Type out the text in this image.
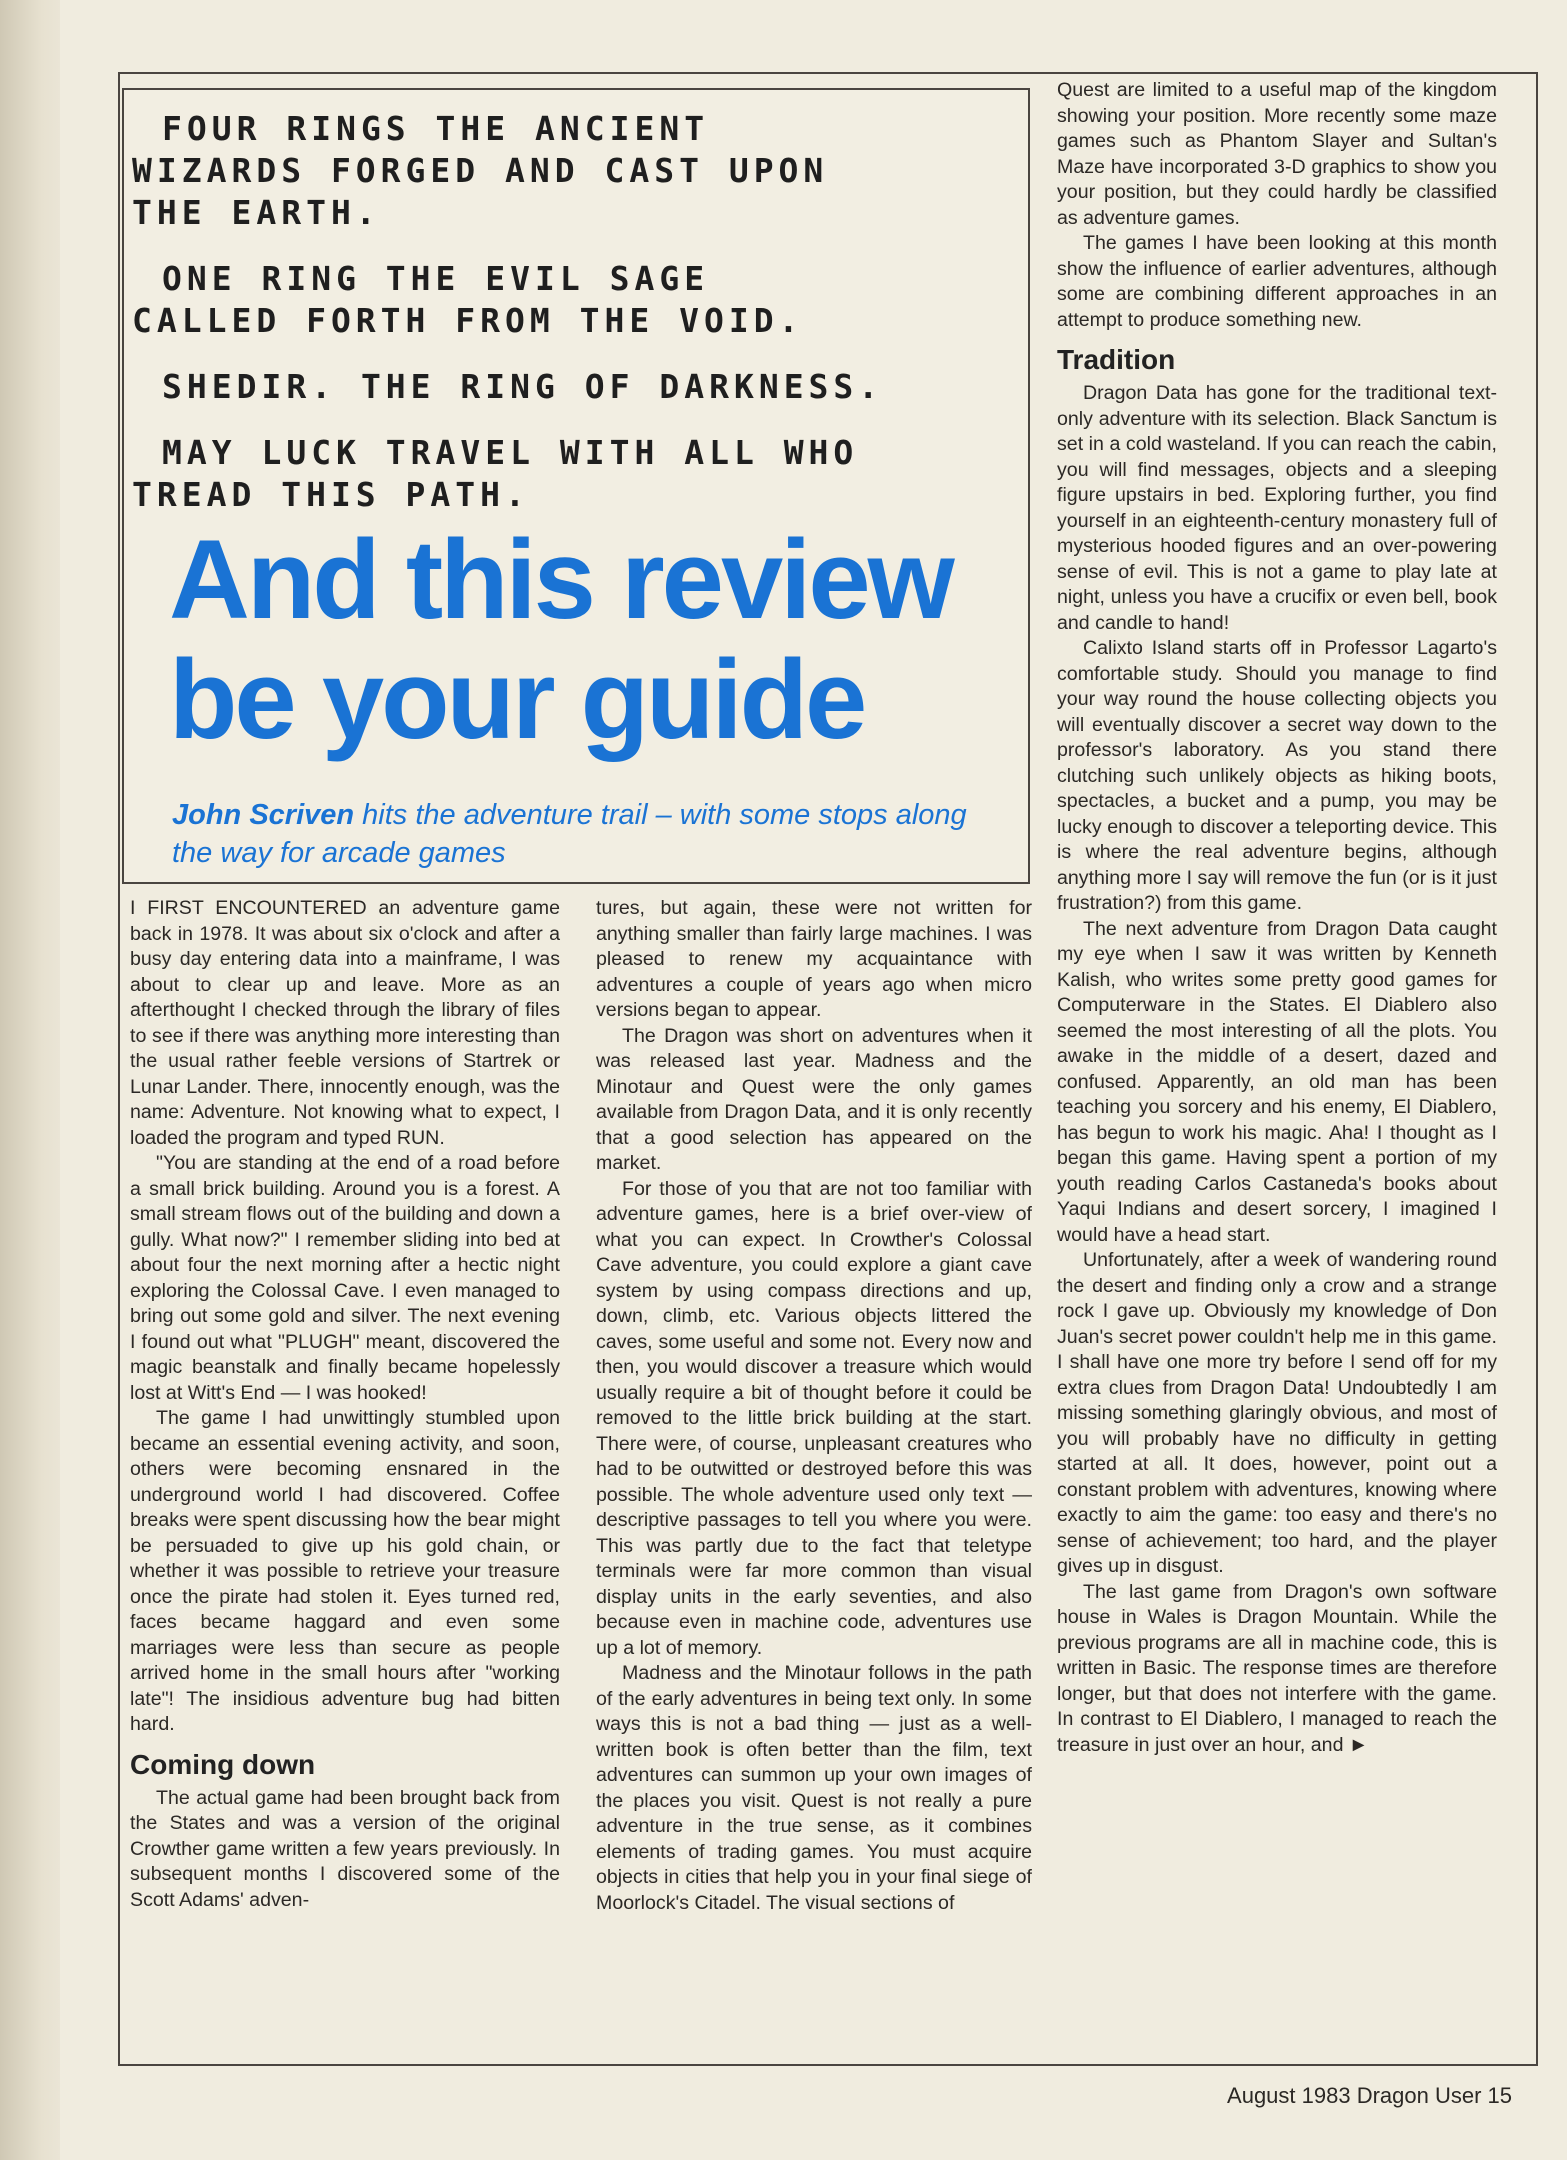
FOUR RINGS THE ANCIENT
WIZARDS FORGED AND CAST UPON
THE EARTH.

ONE RING THE EVIL SAGE
CALLED FORTH FROM THE VOID.

SHEDIR. THE RING OF DARKNESS.

MAY LUCK TRAVEL WITH ALL WHO
TREAD THIS PATH.

And this review be your guide

John Scriven hits the adventure trail – with some stops along the way for arcade games

I FIRST ENCOUNTERED an adventure game back in 1978. It was about six o'clock and after a busy day entering data into a mainframe, I was about to clear up and leave. More as an afterthought I checked through the library of files to see if there was anything more interesting than the usual rather feeble versions of Startrek or Lunar Lander. There, innocently enough, was the name: Adventure. Not knowing what to expect, I loaded the program and typed RUN.

"You are standing at the end of a road before a small brick building. Around you is a forest. A small stream flows out of the building and down a gully. What now?" I remember sliding into bed at about four the next morning after a hectic night exploring the Colossal Cave. I even managed to bring out some gold and silver. The next evening I found out what "PLUGH" meant, discovered the magic beanstalk and finally became hopelessly lost at Witt's End — I was hooked!

The game I had unwittingly stumbled upon became an essential evening activity, and soon, others were becoming ensnared in the underground world I had discovered. Coffee breaks were spent discussing how the bear might be persuaded to give up his gold chain, or whether it was possible to retrieve your treasure once the pirate had stolen it. Eyes turned red, faces became haggard and even some marriages were less than secure as people arrived home in the small hours after "working late"! The insidious adventure bug had bitten hard.

Coming down

The actual game had been brought back from the States and was a version of the original Crowther game written a few years previously. In subsequent months I discovered some of the Scott Adams' adven-

tures, but again, these were not written for anything smaller than fairly large machines. I was pleased to renew my acquaintance with adventures a couple of years ago when micro versions began to appear.

The Dragon was short on adventures when it was released last year. Madness and the Minotaur and Quest were the only games available from Dragon Data, and it is only recently that a good selection has appeared on the market.

For those of you that are not too familiar with adventure games, here is a brief over-view of what you can expect. In Crowther's Colossal Cave adventure, you could explore a giant cave system by using compass directions and up, down, climb, etc. Various objects littered the caves, some useful and some not. Every now and then, you would discover a treasure which would usually require a bit of thought before it could be removed to the little brick building at the start. There were, of course, unpleasant creatures who had to be outwitted or destroyed before this was possible. The whole adventure used only text — descriptive passages to tell you where you were. This was partly due to the fact that teletype terminals were far more common than visual display units in the early seventies, and also because even in machine code, adventures use up a lot of memory.

Madness and the Minotaur follows in the path of the early adventures in being text only. In some ways this is not a bad thing — just as a well-written book is often better than the film, text adventures can summon up your own images of the places you visit. Quest is not really a pure adventure in the true sense, as it combines elements of trading games. You must acquire objects in cities that help you in your final siege of Moorlock's Citadel. The visual sections of

Quest are limited to a useful map of the kingdom showing your position. More recently some maze games such as Phantom Slayer and Sultan's Maze have incorporated 3-D graphics to show you your position, but they could hardly be classified as adventure games.

The games I have been looking at this month show the influence of earlier adventures, although some are combining different approaches in an attempt to produce something new.

Tradition

Dragon Data has gone for the traditional text-only adventure with its selection. Black Sanctum is set in a cold wasteland. If you can reach the cabin, you will find messages, objects and a sleeping figure upstairs in bed. Exploring further, you find yourself in an eighteenth-century monastery full of mysterious hooded figures and an over-powering sense of evil. This is not a game to play late at night, unless you have a crucifix or even bell, book and candle to hand!

Calixto Island starts off in Professor Lagarto's comfortable study. Should you manage to find your way round the house collecting objects you will eventually discover a secret way down to the professor's laboratory. As you stand there clutching such unlikely objects as hiking boots, spectacles, a bucket and a pump, you may be lucky enough to discover a teleporting device. This is where the real adventure begins, although anything more I say will remove the fun (or is it just frustration?) from this game.

The next adventure from Dragon Data caught my eye when I saw it was written by Kenneth Kalish, who writes some pretty good games for Computerware in the States. El Diablero also seemed the most interesting of all the plots. You awake in the middle of a desert, dazed and confused. Apparently, an old man has been teaching you sorcery and his enemy, El Diablero, has begun to work his magic. Aha! I thought as I began this game. Having spent a portion of my youth reading Carlos Castaneda's books about Yaqui Indians and desert sorcery, I imagined I would have a head start.

Unfortunately, after a week of wandering round the desert and finding only a crow and a strange rock I gave up. Obviously my knowledge of Don Juan's secret power couldn't help me in this game. I shall have one more try before I send off for my extra clues from Dragon Data! Undoubtedly I am missing something glaringly obvious, and most of you will probably have no difficulty in getting started at all. It does, however, point out a constant problem with adventures, knowing where exactly to aim the game: too easy and there's no sense of achievement; too hard, and the player gives up in disgust.

The last game from Dragon's own software house in Wales is Dragon Mountain. While the previous programs are all in machine code, this is written in Basic. The response times are therefore longer, but that does not interfere with the game. In contrast to El Diablero, I managed to reach the treasure in just over an hour, and ►

August 1983 Dragon User 15
